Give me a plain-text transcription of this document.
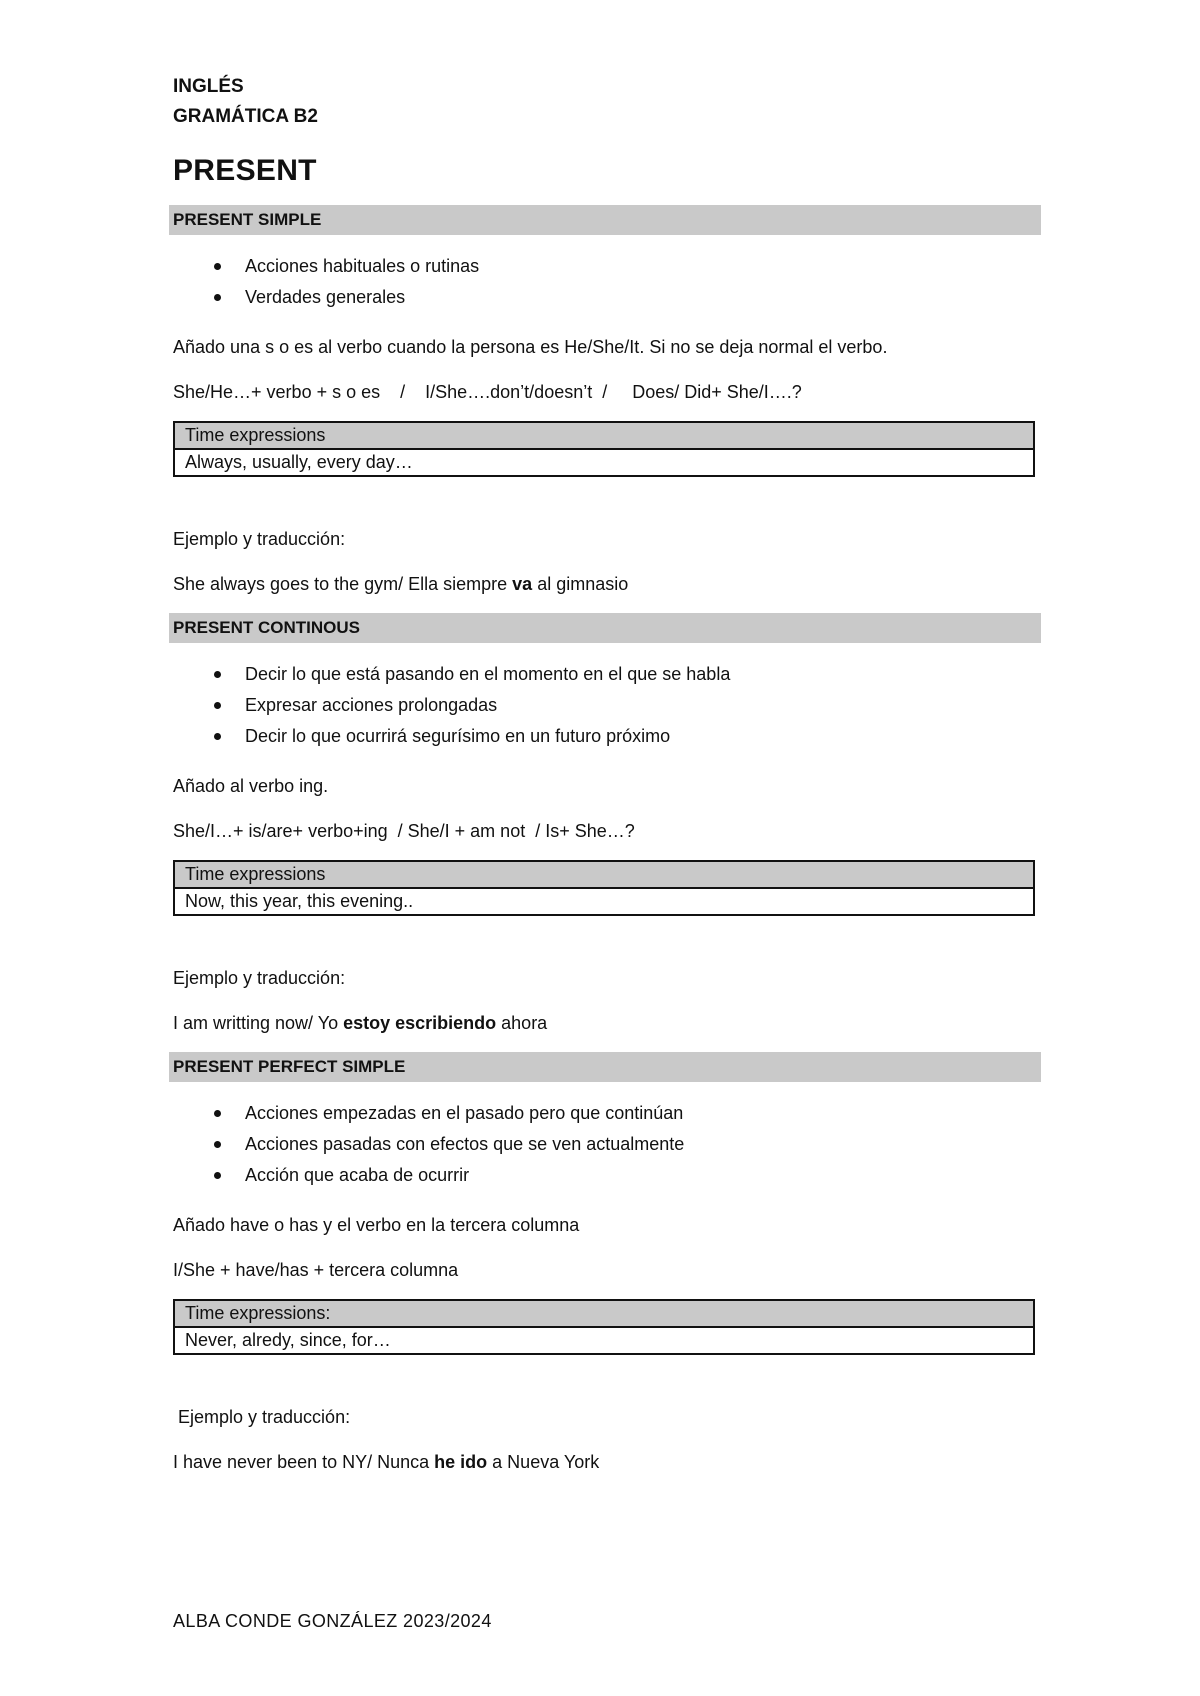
INGLÉS

GRAMÁTICA B2

PRESENT
PRESENT SIMPLE
Acciones habituales o rutinas
Verdades generales

Añado una s o es al verbo cuando la persona es He/She/It. Si no se deja normal el verbo.

She/He…+ verbo + s o es    /    I/She….don’t/doesn’t  /     Does/ Did+ She/I….?

Time expressions
Always, usually, every day…

Ejemplo y traducción:

She always goes to the gym/ Ella siempre va al gimnasio

PRESENT CONTINOUS
Decir lo que está pasando en el momento en el que se habla
Expresar acciones prolongadas
Decir lo que ocurrirá segurísimo en un futuro próximo

Añado al verbo ing.

She/I…+ is/are+ verbo+ing  / She/I + am not  / Is+ She…?

Time expressions
Now, this year, this evening..

Ejemplo y traducción:

I am writting now/ Yo estoy escribiendo ahora

PRESENT PERFECT SIMPLE
Acciones empezadas en el pasado pero que continúan
Acciones pasadas con efectos que se ven actualmente
Acción que acaba de ocurrir

Añado have o has y el verbo en la tercera columna

I/She + have/has + tercera columna

Time expressions:
Never, alredy, since, for…

Ejemplo y traducción:

I have never been to NY/ Nunca he ido a Nueva York

ALBA CONDE GONZÁLEZ 2023/2024
